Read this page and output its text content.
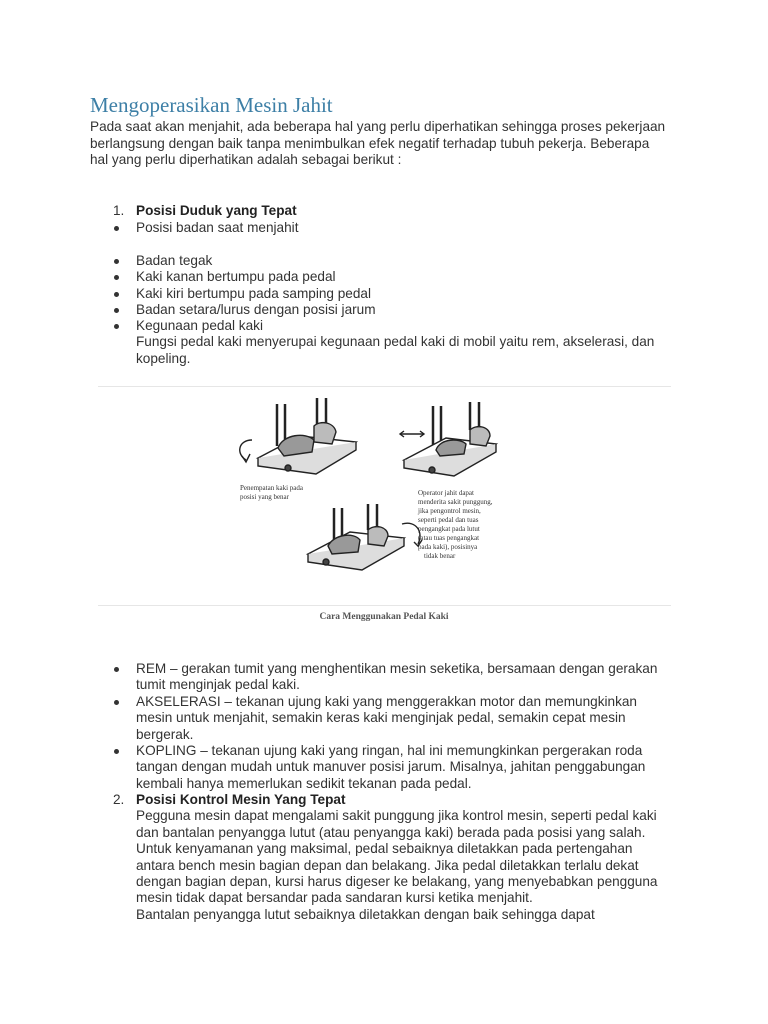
Mengoperasikan Mesin Jahit

Pada saat akan menjahit, ada beberapa hal yang perlu diperhatikan sehingga proses pekerjaan
berlangsung dengan baik tanpa menimbulkan efek negatif terhadap tubuh pekerja. Beberapa
hal yang perlu diperhatikan adalah sebagai berikut :

1. Posisi Duduk yang Tepat
Posisi badan saat menjahit
Badan tegak
Kaki kanan bertumpu pada pedal
Kaki kiri bertumpu pada samping pedal
Badan setara/lurus dengan posisi jarum
Kegunaan pedal kaki
Fungsi pedal kaki menyerupai kegunaan pedal kaki di mobil yaitu rem, akselerasi, dan
kopeling.
Penempatan kaki pada
posisi yang benar	Operator jahit dapat
menderita sakit punggung,
jika pengontrol mesin,
seperti pedal dan tuas
pengangkat pada lutut
(atau tuas pengangkat
pada kaki), posisinya
tidak benar
Cara Menggunakan Pedal Kaki
REM – gerakan tumit yang menghentikan mesin seketika, bersamaan dengan gerakan
tumit menginjak pedal kaki.
AKSELERASI – tekanan ujung kaki yang menggerakkan motor dan memungkinkan
mesin untuk menjahit, semakin keras kaki menginjak pedal, semakin cepat mesin
bergerak.
KOPLING – tekanan ujung kaki yang ringan, hal ini memungkinkan pergerakan roda
tangan dengan mudah untuk manuver posisi jarum. Misalnya, jahitan penggabungan
kembali hanya memerlukan sedikit tekanan pada pedal.
2. Posisi Kontrol Mesin Yang Tepat
Pegguna mesin dapat mengalami sakit punggung jika kontrol mesin, seperti pedal kaki
dan bantalan penyangga lutut (atau penyangga kaki) berada pada posisi yang salah.
Untuk kenyamanan yang maksimal, pedal sebaiknya diletakkan pada pertengahan
antara bench mesin bagian depan dan belakang. Jika pedal diletakkan terlalu dekat
dengan bagian depan, kursi harus digeser ke belakang, yang menyebabkan pengguna
mesin tidak dapat bersandar pada sandaran kursi ketika menjahit.
Bantalan penyangga lutut sebaiknya diletakkan dengan baik sehingga dapat
